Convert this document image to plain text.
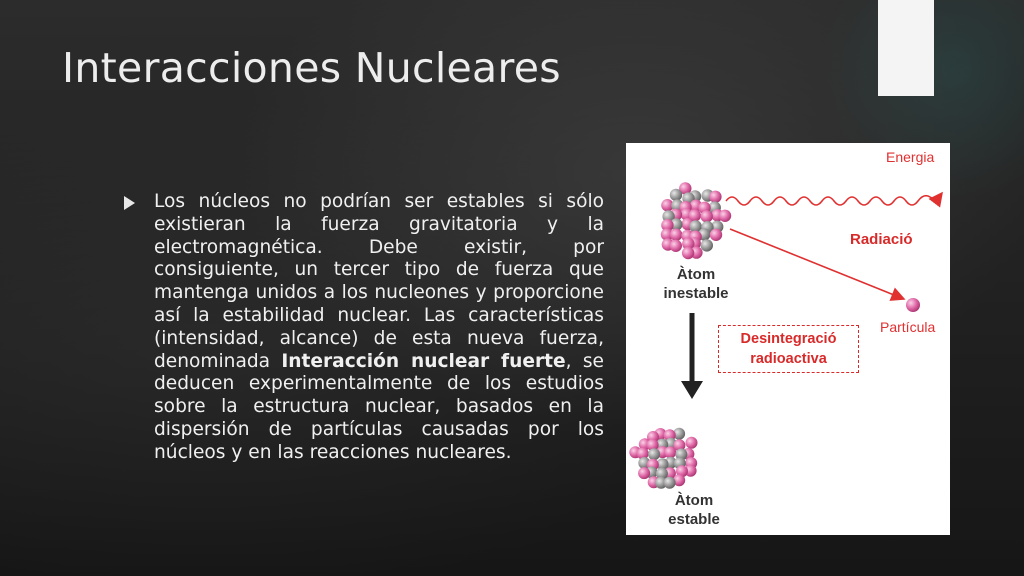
Interacciones Nucleares

Los núcleos no podrían ser estables si sólo existieran la fuerza gravitatoria y la electromagnética. Debe existir, por consiguiente, un tercer tipo de fuerza que mantenga unidos a los nucleones y proporcione así la estabilidad nuclear. Las características (intensidad, alcance) de esta nueva fuerza, denominada Interacción nuclear fuerte, se deducen experimentalmente de los estudios sobre la estructura nuclear, basados en la dispersión de partículas causadas por los núcleos y en las reacciones nucleares.

Energia

Radiació

Àtom
inestable

Partícula

Desintegració
radioactiva
Àtom
estable
